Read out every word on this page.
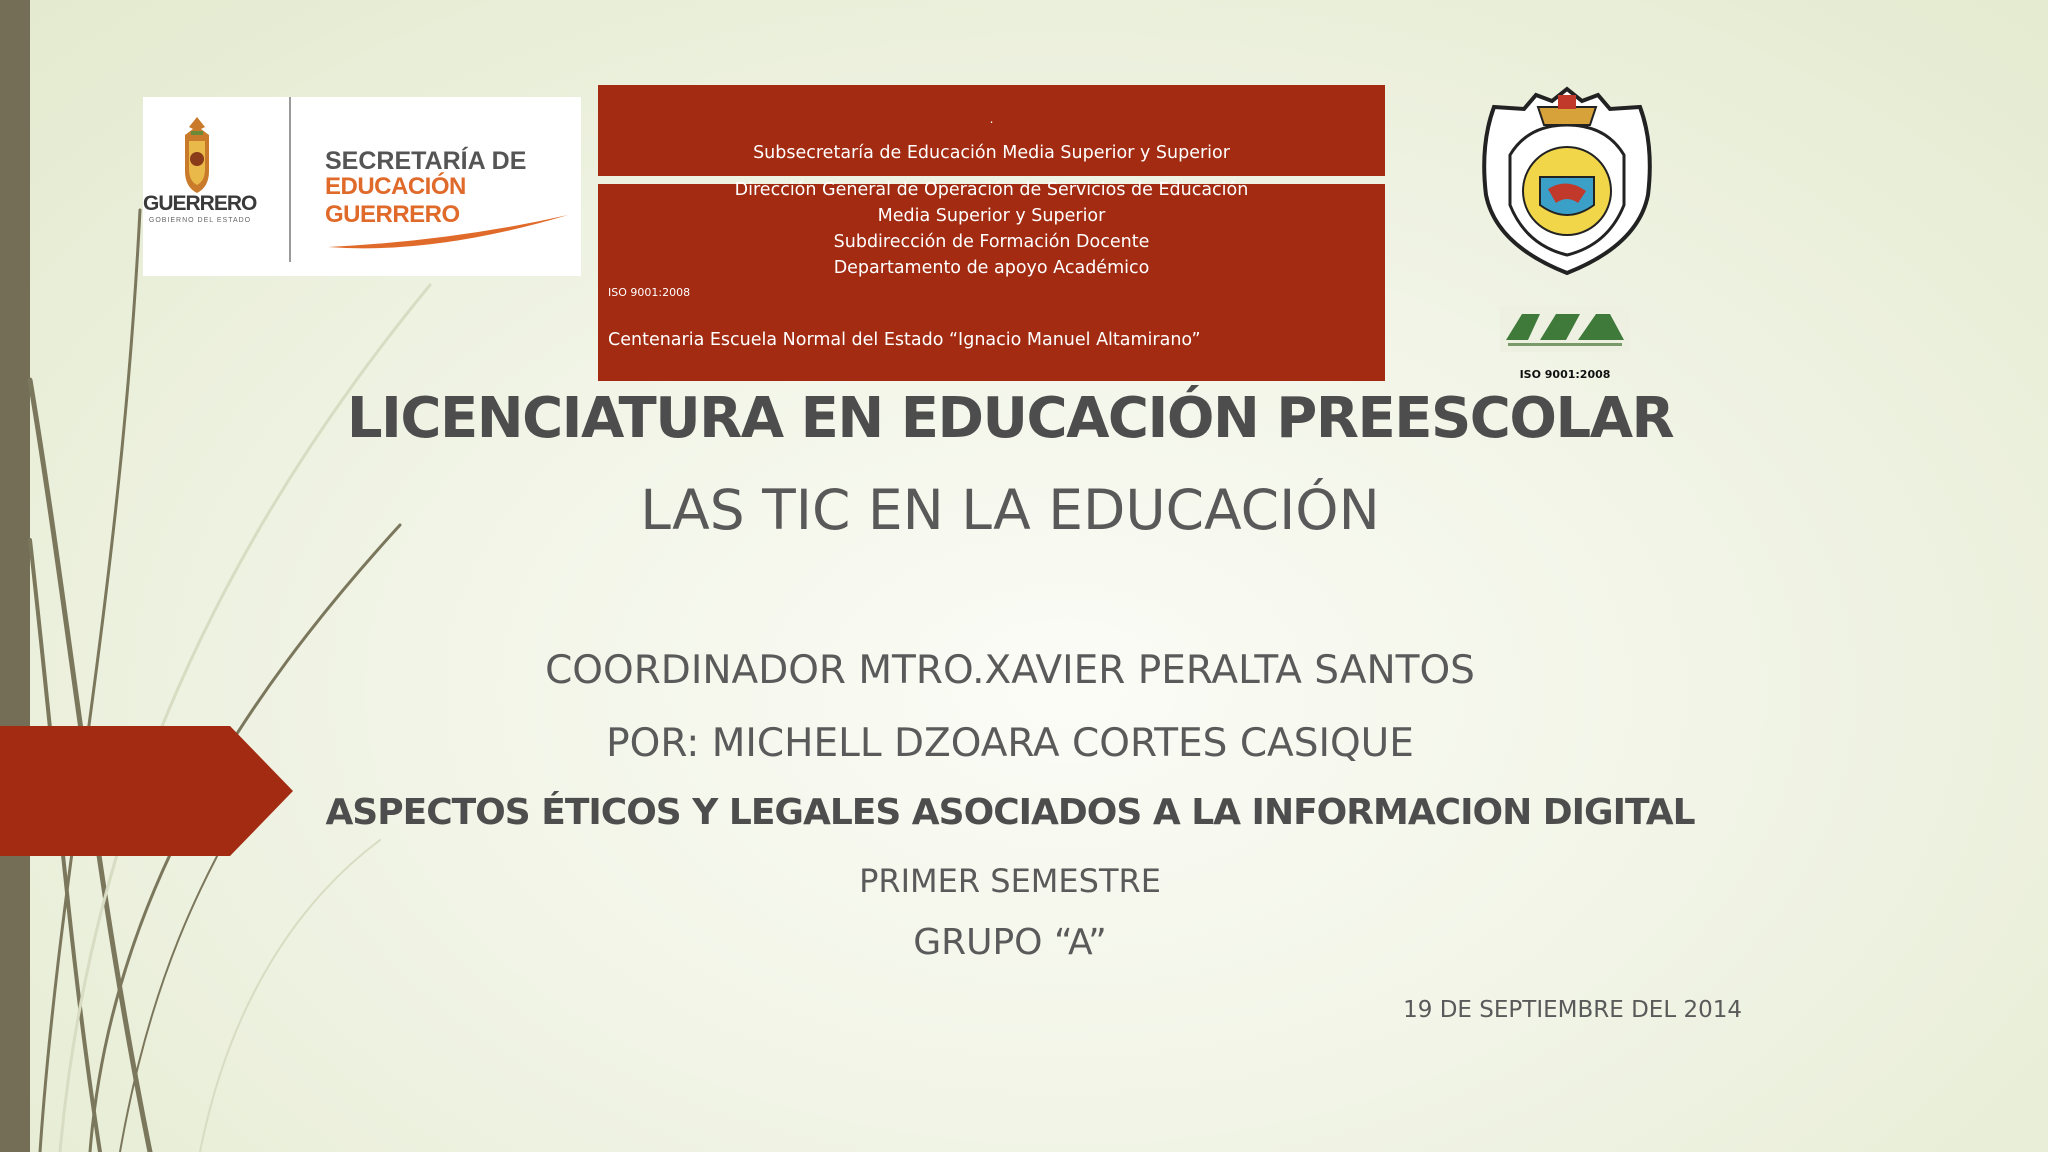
GUERRERO
GOBIERNO DEL ESTADO
SECRETARÍA DE
EDUCACIÓN GUERRERO
.
Subsecretaría de Educación Media Superior y Superior
Dirección General de Operación de Servicios de Educación
Media Superior y Superior
Subdirección de Formación Docente
Departamento de apoyo Académico
ISO 9001:2008
Centenaria Escuela Normal del Estado “Ignacio Manuel Altamirano”
ISO 9001:2008
LICENCIATURA EN EDUCACIÓN PREESCOLAR
LAS TIC EN LA EDUCACIÓN
COORDINADOR MTRO.XAVIER PERALTA SANTOS
POR: MICHELL DZOARA CORTES CASIQUE
ASPECTOS ÉTICOS Y LEGALES ASOCIADOS A LA INFORMACION DIGITAL
PRIMER SEMESTRE
GRUPO “A”
19 DE SEPTIEMBRE DEL 2014
